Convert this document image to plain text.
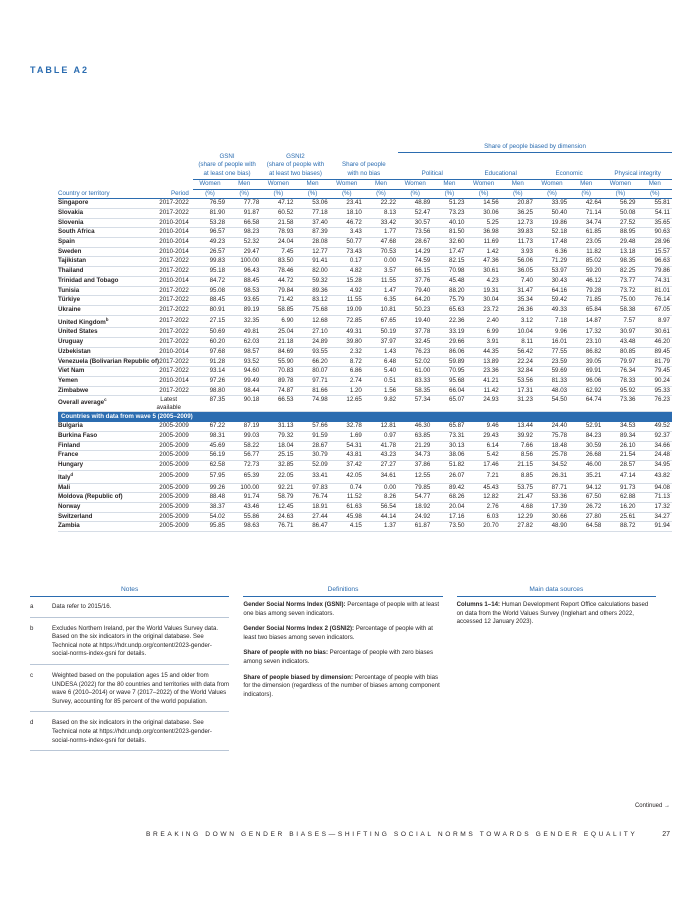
TABLE A2
								Share of people biased by dimension							

		GSNI		GSNI2											
		(share of people with		(share of people with		Share of people									
		at least one bias)		at least two biases)		with no bias		Political		Educational		Economic		Physical integrity	
		Women	Men	Women	Men	Women	Men	Women	Men	Women	Men	Women	Men	Women	Men
Country or territory	Period	(%)	(%)	(%)	(%)	(%)	(%)	(%)	(%)	(%)	(%)	(%)	(%)	(%)	(%)
Singapore	2017-2022	76.59	77.78	47.12	53.06	23.41	22.22	48.89	51.23	14.56	20.87	33.95	42.64	56.29	55.81
Slovakia	2017-2022	81.90	91.87	60.52	77.18	18.10	8.13	52.47	73.23	30.06	36.25	50.40	71.14	50.08	54.11
Slovenia	2010-2014	53.28	66.58	21.58	37.40	46.72	33.42	30.57	40.10	5.25	12.73	19.86	34.74	27.52	35.65
South Africa	2010-2014	96.57	98.23	78.93	87.39	3.43	1.77	73.56	81.50	36.98	39.83	52.18	61.85	88.95	90.63
Spain	2010-2014	49.23	52.32	24.04	28.08	50.77	47.68	28.67	32.60	11.69	11.73	17.48	23.05	29.48	28.96
Sweden	2010-2014	26.57	29.47	7.45	12.77	73.43	70.53	14.29	17.47	1.42	3.93	6.36	11.82	13.18	15.57
Tajikistan	2017-2022	99.83	100.00	83.50	91.41	0.17	0.00	74.59	82.15	47.36	56.06	71.29	85.02	98.35	96.63
Thailand	2017-2022	95.18	96.43	78.46	82.00	4.82	3.57	66.15	70.98	30.61	36.05	53.97	59.20	82.25	79.86
Trinidad and Tobago	2010-2014	84.72	88.45	44.72	59.32	15.28	11.55	37.76	45.48	4.23	7.40	30.43	46.12	73.77	74.31
Tunisia	2017-2022	95.08	98.53	79.84	89.36	4.92	1.47	79.40	88.20	19.31	31.47	64.16	79.28	73.72	81.01
Türkiye	2017-2022	88.45	93.65	71.42	83.12	11.55	6.35	64.20	75.79	30.04	35.34	59.42	71.85	75.00	76.14
Ukraine	2017-2022	80.91	89.19	58.85	75.68	19.09	10.81	50.23	65.63	23.72	26.36	49.33	65.84	58.38	67.05
United Kingdom$^b$	2017-2022	27.15	32.35	6.90	12.68	72.85	67.65	19.40	22.36	2.40	3.12	7.18	14.87	7.57	8.97
United States	2017-2022	50.69	49.81	25.04	27.10	49.31	50.19	37.78	33.19	6.99	10.04	9.96	17.32	30.97	30.61
Uruguay	2017-2022	60.20	62.03	21.18	24.89	39.80	37.97	32.45	29.66	3.91	8.11	16.01	23.10	43.48	46.20
Uzbekistan	2010-2014	97.68	98.57	84.69	93.55	2.32	1.43	76.23	86.06	44.35	56.42	77.55	86.82	80.85	89.45
Venezuela (Bolivarian Republic of)	2017-2022	91.28	93.52	55.90	66.20	8.72	6.48	52.02	59.89	13.89	22.24	23.59	39.05	79.97	81.79
Viet Nam	2017-2022	93.14	94.60	70.83	80.07	6.86	5.40	61.00	70.95	23.36	32.84	59.69	69.91	76.34	79.45
Yemen	2010-2014	97.26	99.49	89.78	97.71	2.74	0.51	83.33	95.68	41.21	53.56	81.33	96.06	78.33	90.24
Zimbabwe	2017-2022	98.80	98.44	74.87	81.66	1.20	1.56	58.35	66.04	11.42	17.31	48.03	62.92	95.92	95.33
Overall average$^c$	Latest
available	87.35	90.18	66.53	74.98	12.65	9.82	57.34	65.07	24.93	31.23	54.50	64.74	73.36	76.23
Countries with data from wave 5 (2005–2009)															
Bulgaria	2005-2009	67.22	87.19	31.13	57.66	32.78	12.81	46.30	65.87	9.46	13.44	24.40	52.91	34.53	49.52
Burkina Faso	2005-2009	98.31	99.03	79.32	91.59	1.69	0.97	63.85	73.31	29.43	39.92	75.78	84.23	89.34	92.37
Finland	2005-2009	45.69	58.22	18.04	28.67	54.31	41.78	21.29	30.13	6.14	7.66	18.48	30.59	26.10	34.66
France	2005-2009	56.19	56.77	25.15	30.79	43.81	43.23	34.73	38.06	5.42	8.56	25.78	26.68	21.54	24.48
Hungary	2005-2009	62.58	72.73	32.85	52.09	37.42	27.27	37.86	51.82	17.46	21.15	34.52	46.00	28.57	34.95
Italy$^d$	2005-2009	57.95	65.39	22.05	33.41	42.05	34.61	12.55	26.07	7.21	8.85	26.31	35.21	47.14	43.82
Mali	2005-2009	99.26	100.00	92.21	97.83	0.74	0.00	79.85	89.42	45.43	53.75	87.71	94.12	91.73	94.08
Moldova (Republic of)	2005-2009	88.48	91.74	58.79	76.74	11.52	8.26	54.77	68.26	12.82	21.47	53.36	67.50	62.88	71.13
Norway	2005-2009	38.37	43.46	12.45	18.91	61.63	56.54	18.92	20.04	2.76	4.68	17.39	26.72	16.20	17.32
Switzerland	2005-2009	54.02	55.86	24.63	27.44	45.98	44.14	24.92	17.16	6.03	12.29	30.66	27.80	25.61	34.27
Zambia	2005-2009	95.85	98.63	76.71	86.47	4.15	1.37	61.87	73.50	20.70	27.82	48.90	64.58	88.72	91.94
Notes
a	Data refer to 2015/16.
b	Excludes Northern Ireland, per the World Values Survey data. Based on the six indicators in the original database. See Technical note at https://hdr.undp.org/content/2023-gender-social-norms-index-gsni for details.
c	Weighted based on the population ages 15 and older from UNDESA (2022) for the 80 countries and territories with data from wave 6 (2010–2014) or wave 7 (2017–2022) of the World Values Survey, accounting for 85 percent of the world population.
d	Based on the six indicators in the original database. See Technical note at https://hdr.undp.org/content/2023-gender-social-norms-index-gsni for details.
Definitions

Gender Social Norms Index (GSNI): Percentage of people with at least one bias among seven indicators.

Gender Social Norms Index 2 (GSNI2): Percentage of people with at least two biases among seven indicators.

Share of people with no bias: Percentage of people with zero biases among seven indicators.

Share of people biased by dimension: Percentage of people with bias for the dimension (regardless of the number of biases among component indicators).

Main data sources

Columns 1–14: Human Development Report Office calculations based on data from the World Values Survey (Inglehart and others 2022, accessed 12 January 2023).

Continued →
BREAKING DOWN GENDER BIASES—SHIFTING SOCIAL NORMS TOWARDS GENDER EQUALITY	27
